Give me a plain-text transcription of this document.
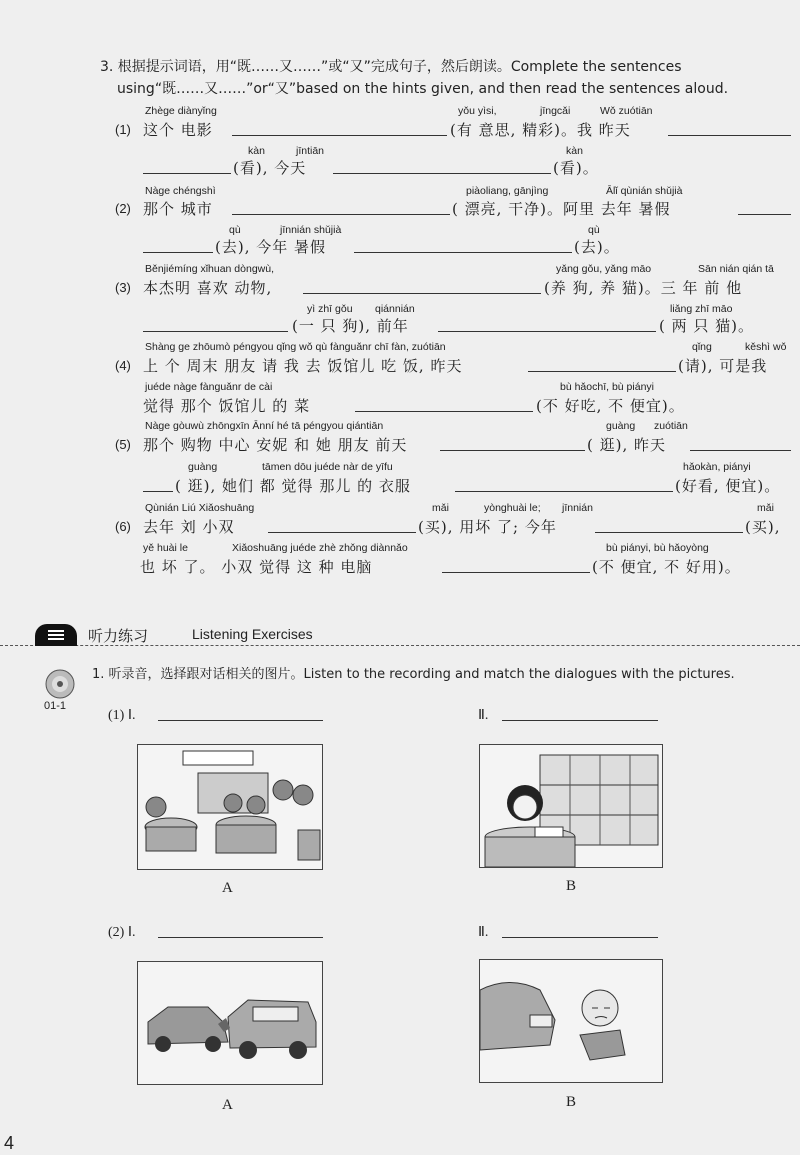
3. 根据提示词语，用“既……又……”或“又”完成句子，然后朗读。Complete the sentences
using“既……又……”or“又”based on the hints given, and then read the sentences aloud.
Zhège diànyǐng
(1) 这个 电影
yǒu yìsi,	jīngcǎi	Wǒ zuótiān
(有 意思, 精彩)。我 昨天
kàn	jīntiān
(看), 今天
kàn
(看)。
Nàge chéngshì
(2) 那个 城市
piàoliang, gānjìng	Ālǐ qùnián shǔjià
( 漂亮, 干净)。阿里 去年 暑假
qù	jīnnián shǔjià
(去), 今年 暑假
qù
(去)。
Běnjiémíng xǐhuan dòngwù,
(3) 本杰明 喜欢 动物,
yǎng gǒu, yǎng māo	Sān nián qián tā
(养 狗, 养 猫)。三 年 前 他
yì zhī gǒu qiánnián
(一 只 狗), 前年
liǎng zhī māo
( 两 只 猫)。
Shàng ge zhōumò péngyou qǐng wǒ qù fànguǎnr chī fàn, zuótiān
(4) 上 个 周末 朋友 请 我 去 饭馆儿 吃 饭, 昨天
qǐng	kěshì wǒ
(请), 可是我
juéde nàge fànguǎnr de cài
觉得 那个 饭馆儿 的 菜
bù hǎochī, bù piányi
(不 好吃, 不 便宜)。
Nàge gòuwù zhōngxīn Ānní hé tā péngyou qiántiān
(5) 那个 购物 中心 安妮 和 她 朋友 前天
guàng zuótiān
( 逛), 昨天
guàng	tāmen dōu juéde nàr de yīfu
( 逛), 她们 都 觉得 那儿 的 衣服
hǎokàn, piányi
(好看, 便宜)。
Qùnián Liú Xiǎoshuāng
(6) 去年 刘 小双
mǎi	yònghuài le; jīnnián
(买), 用坏 了; 今年
mǎi
(买),
yě huài le	Xiǎoshuāng juéde zhè zhǒng diànnǎo
也 坏 了。 小双 觉得 这 种 电脑
bù piányi, bù hǎoyòng
(不 便宜, 不 好用)。
听力练习	Listening Exercises
01-1
1. 听录音，选择跟对话相关的图片。Listen to the recording and match the dialogues with the pictures.
(1) Ⅰ.	Ⅱ.
A	B
(2) Ⅰ.	Ⅱ.
A	B
4
